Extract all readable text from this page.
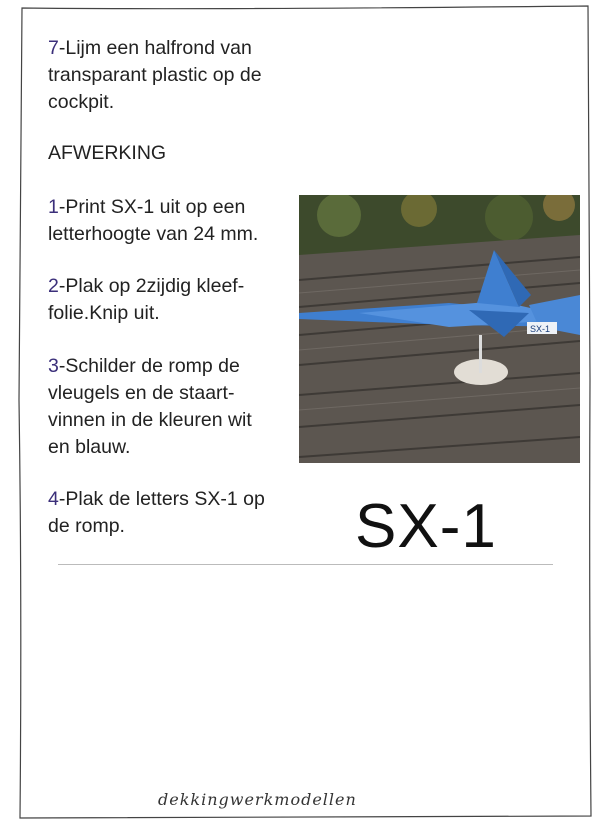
7-Lijm een halfrond van
transparant plastic op de
cockpit.
AFWERKING
1-Print SX-1 uit op een
letterhoogte van 24 mm.
2-Plak op 2zijdig kleef-
folie.Knip uit.
3-Schilder de romp de
vleugels en de staart-
vinnen in de kleuren wit
en blauw.
4-Plak de letters SX-1 op
de romp.
SX-1
SX-1
dekkingwerkmodellen
